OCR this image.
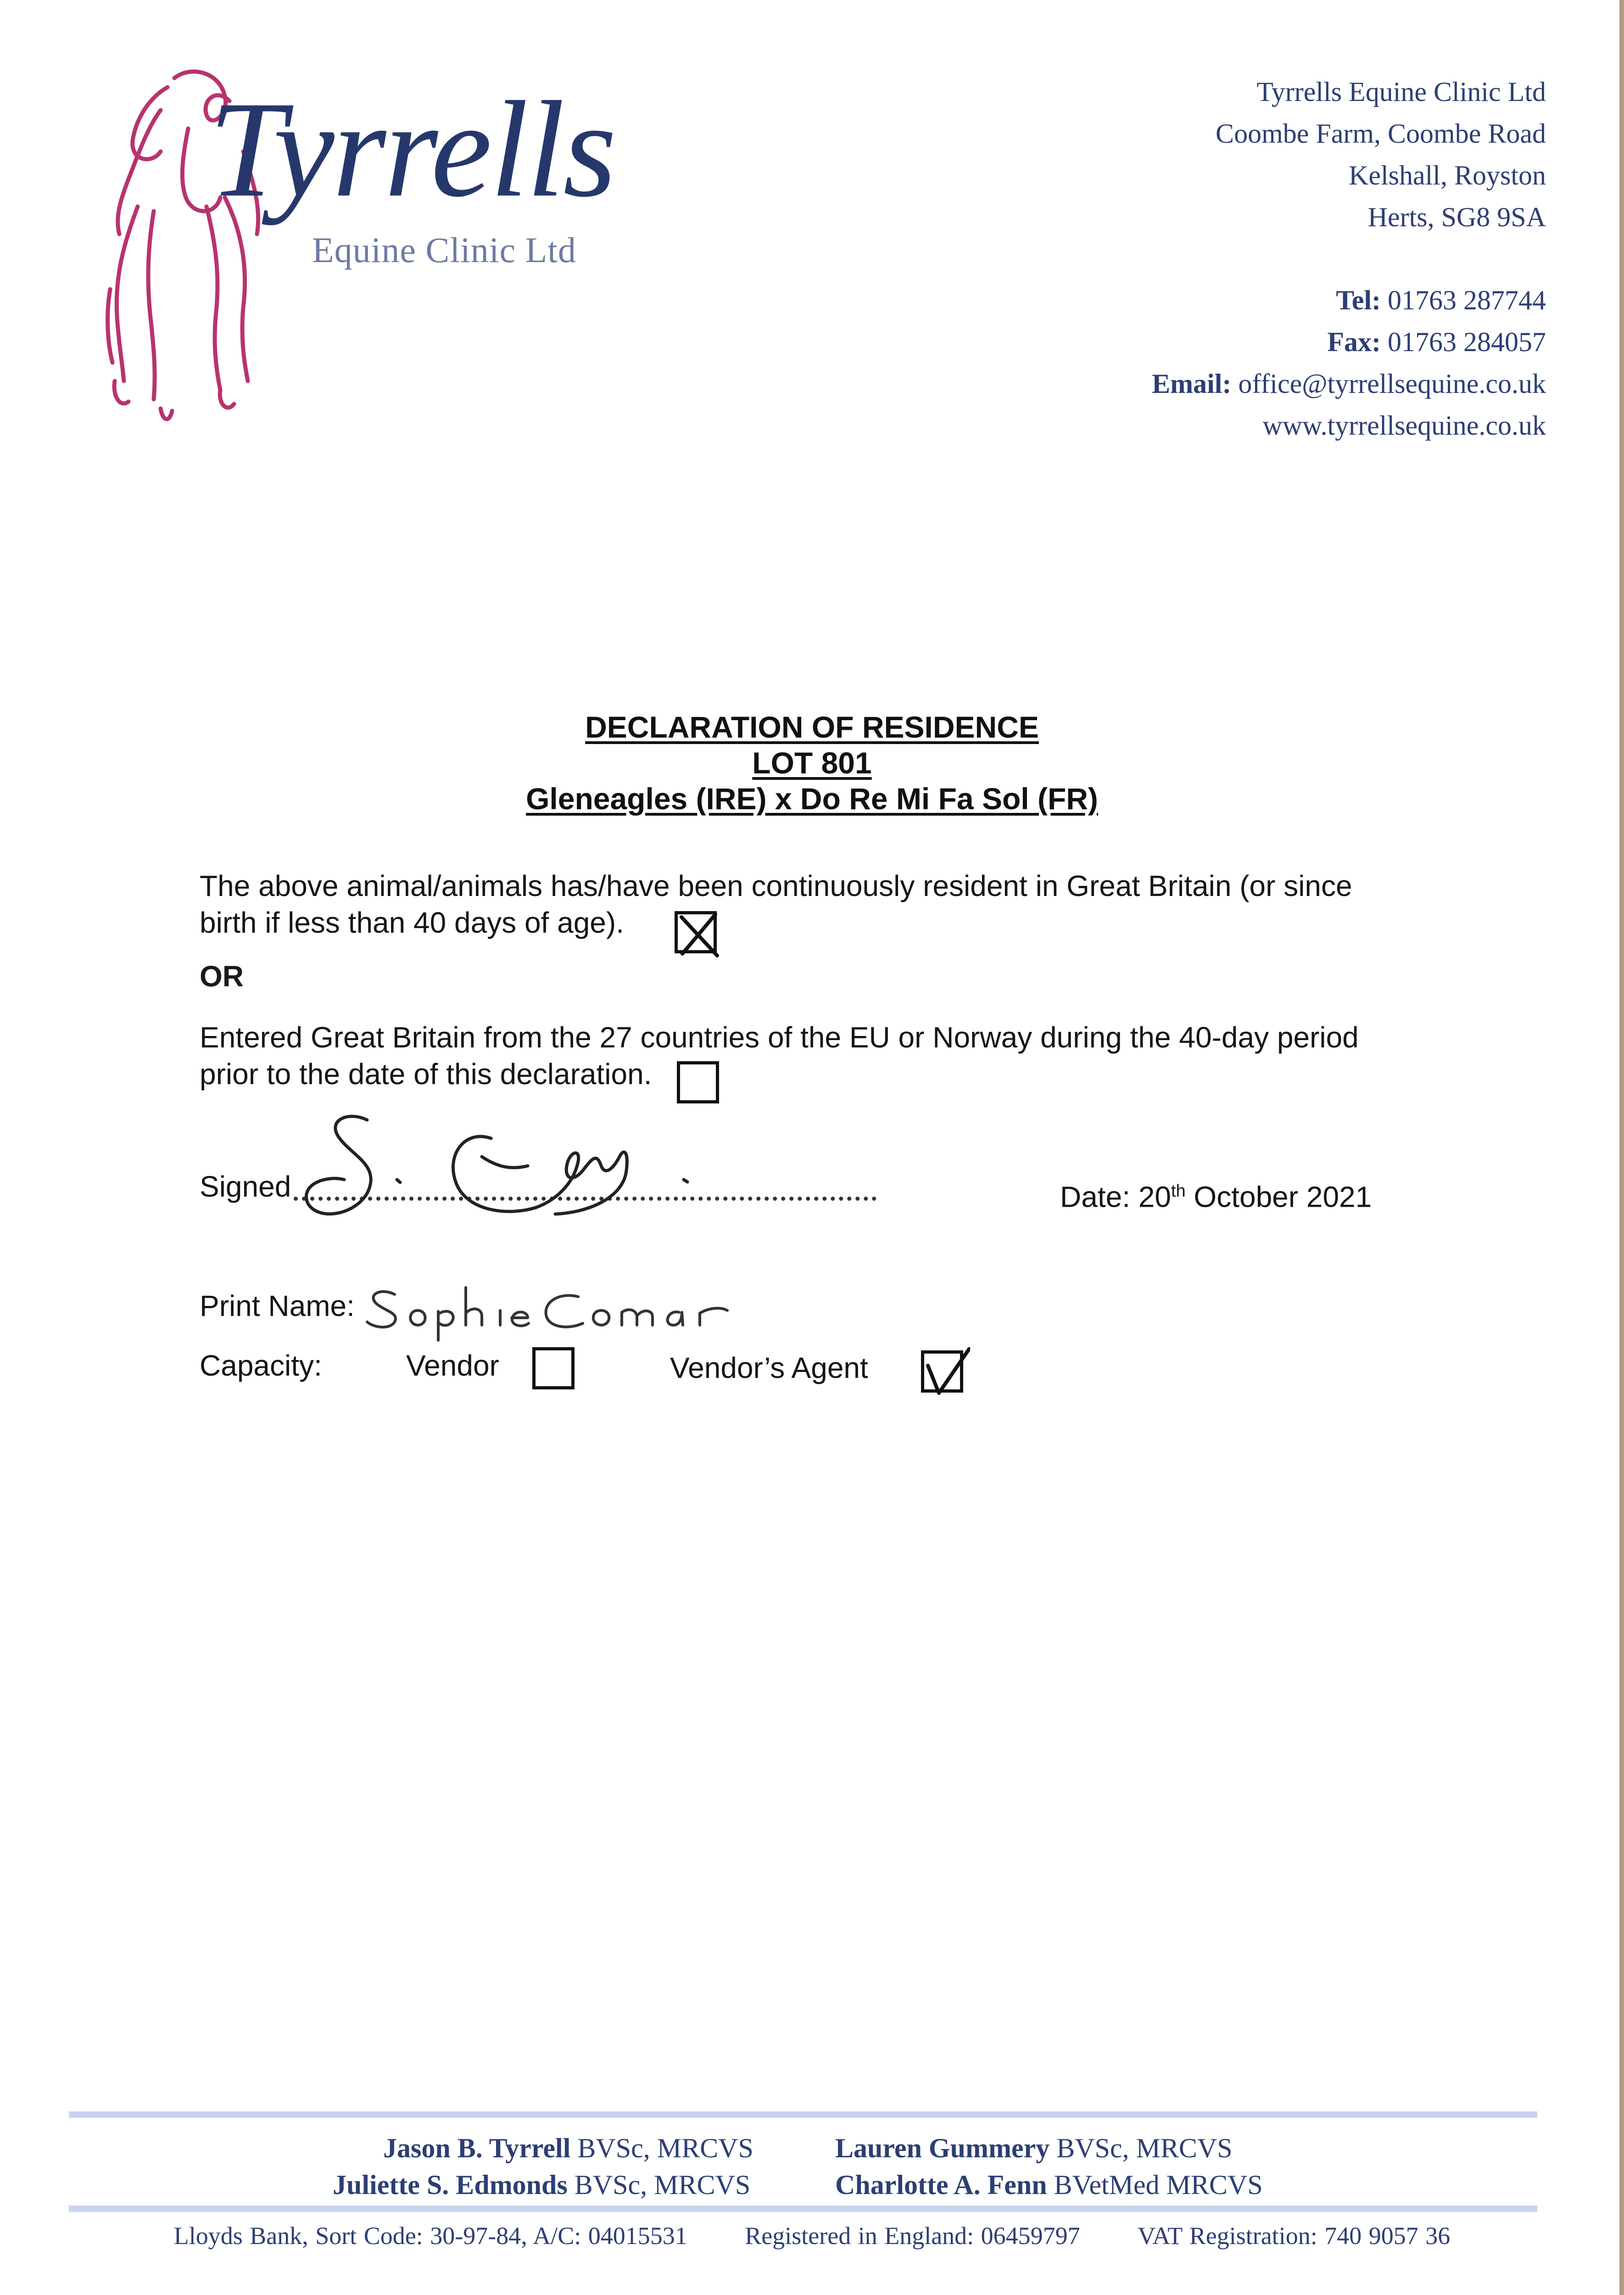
Tyrrells
Equine Clinic Ltd
Tyrrells Equine Clinic Ltd
Coombe Farm, Coombe Road
Kelshall, Royston
Herts, SG8 9SA
Tel: 01763 287744
Fax: 01763 284057
Email: office@tyrrellsequine.co.uk
www.tyrrellsequine.co.uk
DECLARATION OF RESIDENCE
LOT 801
Gleneagles (IRE) x Do Re Mi Fa Sol (FR)
The above animal/animals has/have been continuously resident in Great Britain (or since birth if less than 40 days of age).
OR
Entered Great Britain from the 27 countries of the EU or Norway during the 40-day period prior to the date of this declaration.
Signed	Date: 20th October 2021
Print Name:
Capacity:	Vendor	Vendor’s Agent
Jason B. Tyrrell BVSc, MRCVS	Lauren Gummery BVSc, MRCVS
Juliette S. Edmonds BVSc, MRCVS	Charlotte A. Fenn BVetMed MRCVS
Lloyds Bank, Sort Code: 30-97-84, A/C: 04015531 Registered in England: 06459797 VAT Registration: 740 9057 36
